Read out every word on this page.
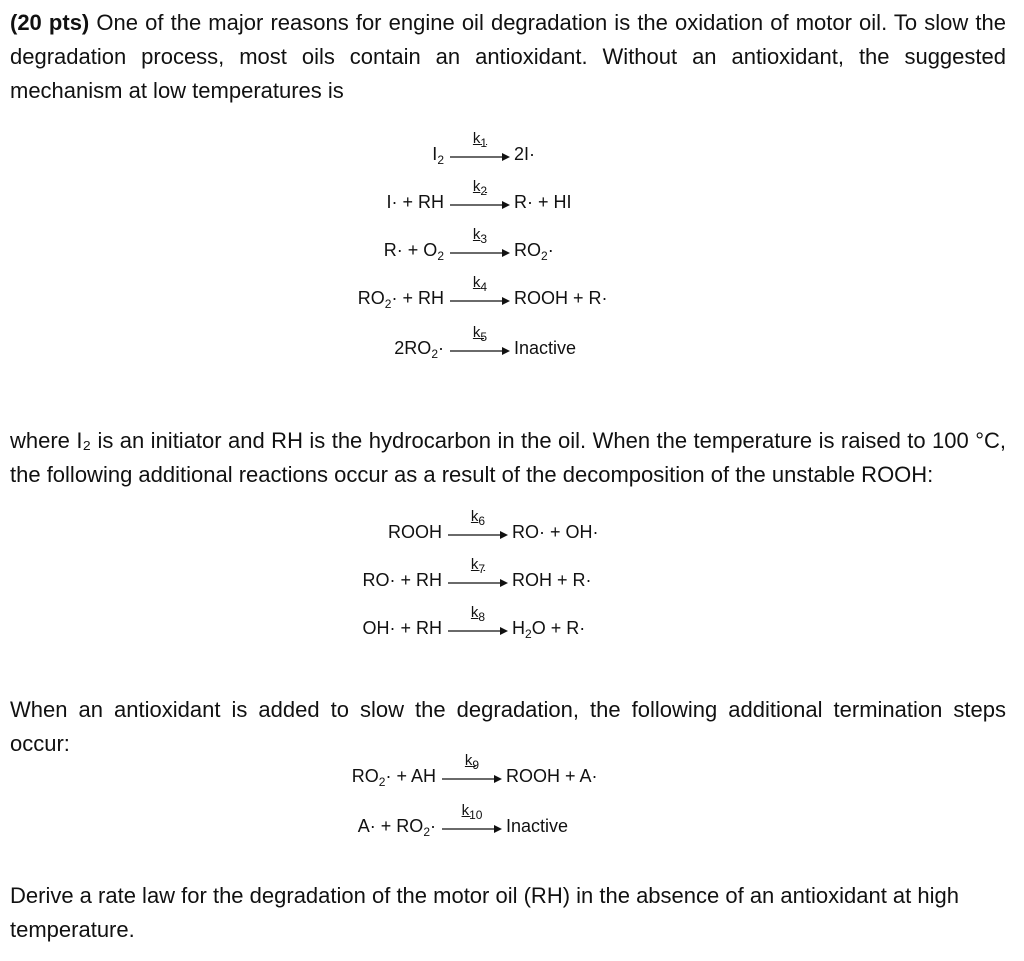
(20 pts) One of the major reasons for engine oil degradation is the oxidation of motor oil. To slow the degradation process, most oils contain an antioxidant. Without an antioxidant, the suggested mechanism at low temperatures is

$I_2$
$k_1$
2I·
I· + RH
$k_2$
R· + HI
$R\cdot + O_2$
$k_3$
$RO_2\cdot$
$RO_2\cdot$ + RH
$k_4$
ROOH + R·
$2RO_2\cdot$
$k_5$
Inactive

where I₂ is an initiator and RH is the hydrocarbon in the oil. When the temperature is raised to 100 °C, the following additional reactions occur as a result of the decomposition of the unstable ROOH:

ROOH
$k_6$
RO· + OH·
RO· + RH
$k_7$
ROH + R·
OH· + RH
$k_8$
$H_2O + R\cdot$

When an antioxidant is added to slow the degradation, the following additional termination steps occur:

$RO_2\cdot$ + AH
$k_9$
ROOH + A·
$A\cdot + RO_2\cdot$
$k_{10}$
Inactive

Derive a rate law for the degradation of the motor oil (RH) in the absence of an antioxidant at high temperature.
